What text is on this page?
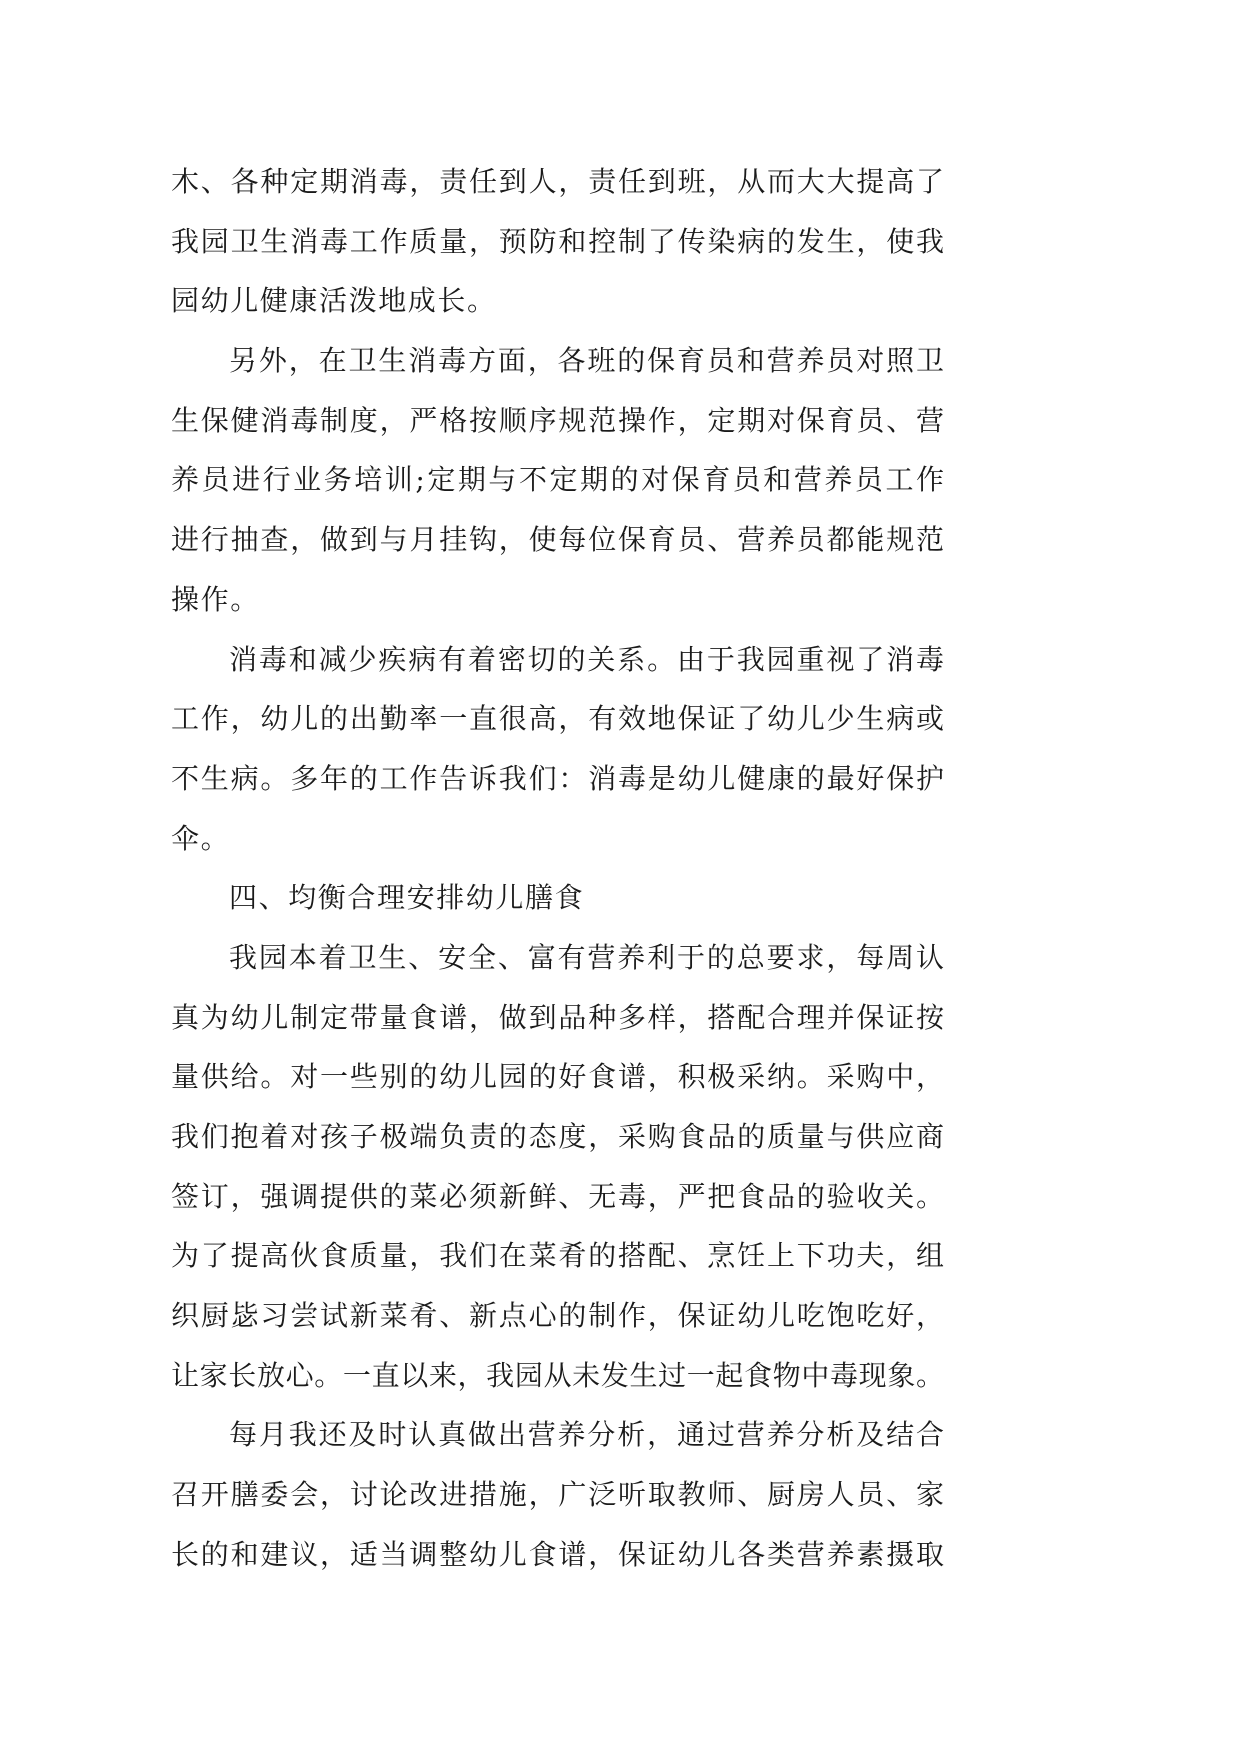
木、各种定期消毒，责任到人，责任到班，从而大大提高了
我园卫生消毒工作质量，预防和控制了传染病的发生，使我
园幼儿健康活泼地成长。
另外，在卫生消毒方面，各班的保育员和营养员对照卫
生保健消毒制度，严格按顺序规范操作，定期对保育员、营
养员进行业务培训;定期与不定期的对保育员和营养员工作
进行抽查，做到与月挂钩，使每位保育员、营养员都能规范
操作。
消毒和减少疾病有着密切的关系。由于我园重视了消毒
工作，幼儿的出勤率一直很高，有效地保证了幼儿少生病或
不生病。多年的工作告诉我们：消毒是幼儿健康的最好保护
伞。
四、均衡合理安排幼儿膳食
我园本着卫生、安全、富有营养利于的总要求，每周认
真为幼儿制定带量食谱，做到品种多样，搭配合理并保证按
量供给。对一些别的幼儿园的好食谱，积极采纳。采购中，
我们抱着对孩子极端负责的态度，采购食品的质量与供应商
签订，强调提供的菜必须新鲜、无毒，严把食品的验收关。
为了提高伙食质量，我们在菜肴的搭配、烹饪上下功夫，组
织厨毖习尝试新菜肴、新点心的制作，保证幼儿吃饱吃好，
让家长放心。一直以来，我园从未发生过一起食物中毒现象。
每月我还及时认真做出营养分析，通过营养分析及结合
召开膳委会，讨论改进措施，广泛听取教师、厨房人员、家
长的和建议，适当调整幼儿食谱，保证幼儿各类营养素摄取
